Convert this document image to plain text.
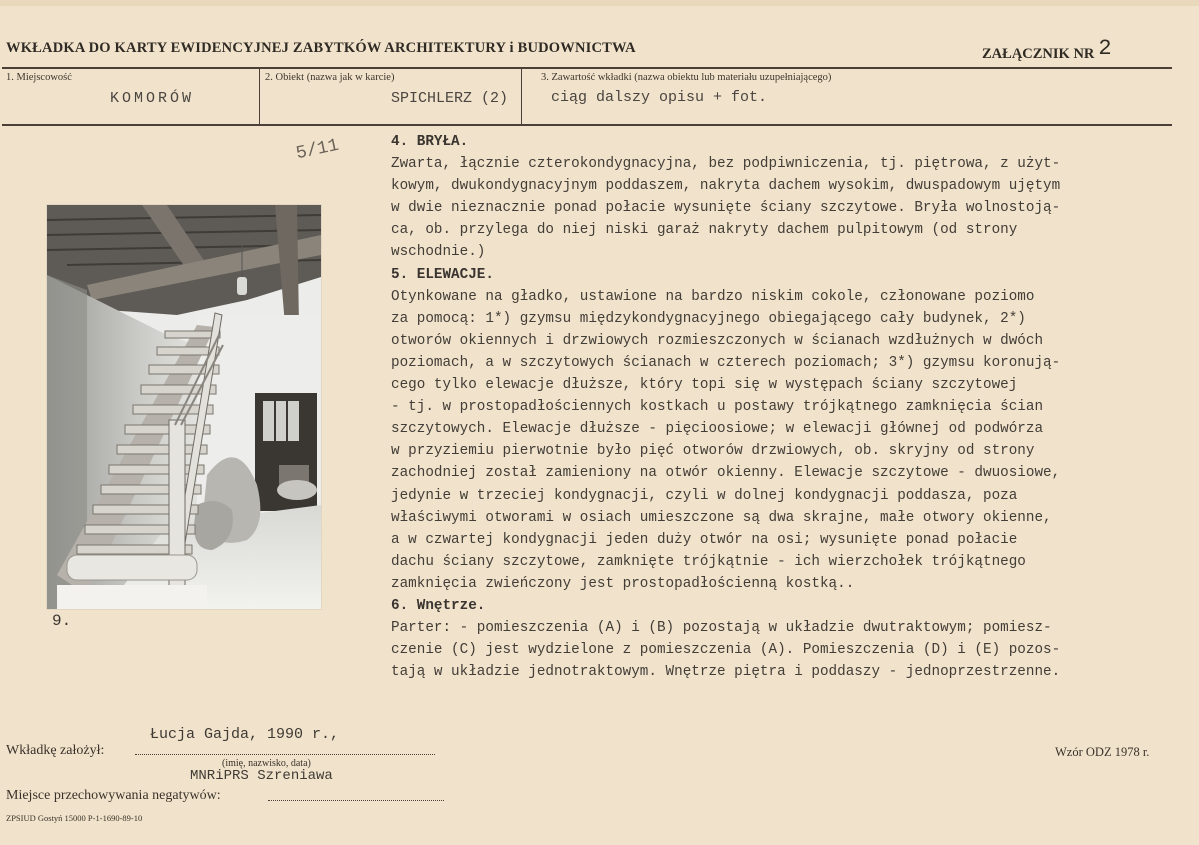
WKŁADKA DO KARTY EWIDENCYJNEJ ZABYTKÓW ARCHITEKTURY i BUDOWNICTWA	ZAŁĄCZNIK NR 2
1. Miejscowość	2. Obiekt (nazwa jak w karcie)	3. Zawartość wkładki (nazwa obiektu lub materiału uzupełniającego)
KOMORÓW	SPICHLERZ (2)	ciąg dalszy opisu + fot.
5/11
9.
4. BRYŁA.
Zwarta, łącznie czterokondygnacyjna, bez podpiwniczenia, tj. piętrowa, z użyt-
kowym, dwukondygnacyjnym poddaszem, nakryta dachem wysokim, dwuspadowym ujętym
w dwie nieznacznie ponad połacie wysunięte ściany szczytowe. Bryła wolnostoją-
ca, ob. przylega do niej niski garaż nakryty dachem pulpitowym (od strony
wschodnie.)
5. ELEWACJE.
Otynkowane na gładko, ustawione na bardzo niskim cokole, członowane poziomo
za pomocą: 1*) gzymsu międzykondygnacyjnego obiegającego cały budynek, 2*)
otworów okiennych i drzwiowych rozmieszczonych w ścianach wzdłużnych w dwóch
poziomach, a w szczytowych ścianach w czterech poziomach; 3*) gzymsu koronują-
cego tylko elewacje dłuższe, który topi się w występach ściany szczytowej
- tj. w prostopadłościennych kostkach u postawy trójkątnego zamknięcia ścian
szczytowych. Elewacje dłuższe - pięcioosiowe; w elewacji głównej od podwórza
w przyziemiu pierwotnie było pięć otworów drzwiowych, ob. skryjny od strony
zachodniej został zamieniony na otwór okienny. Elewacje szczytowe - dwuosiowe,
jedynie w trzeciej kondygnacji, czyli w dolnej kondygnacji poddasza, poza
właściwymi otworami w osiach umieszczone są dwa skrajne, małe otwory okienne,
a w czwartej kondygnacji jeden duży otwór na osi; wysunięte ponad połacie
dachu ściany szczytowe, zamknięte trójkątnie - ich wierzchołek trójkątnego
zamknięcia zwieńczony jest prostopadłościenną kostką..
6. Wnętrze.
Parter: - pomieszczenia (A) i (B) pozostają w układzie dwutraktowym; pomiesz-
czenie (C) jest wydzielone z pomieszczenia (A). Pomieszczenia (D) i (E) pozos-
tają w układzie jednotraktowym. Wnętrze piętra i poddaszy - jednoprzestrzenne.
Łucja Gajda, 1990 r.,
Wkładkę założył:
(imię, nazwisko, data)
MNRiPRS Szreniawa
Miejsce przechowywania negatywów:
ZPSIUD Gostyń 15000 P-1-1690-89-10
Wzór ODZ 1978 r.
